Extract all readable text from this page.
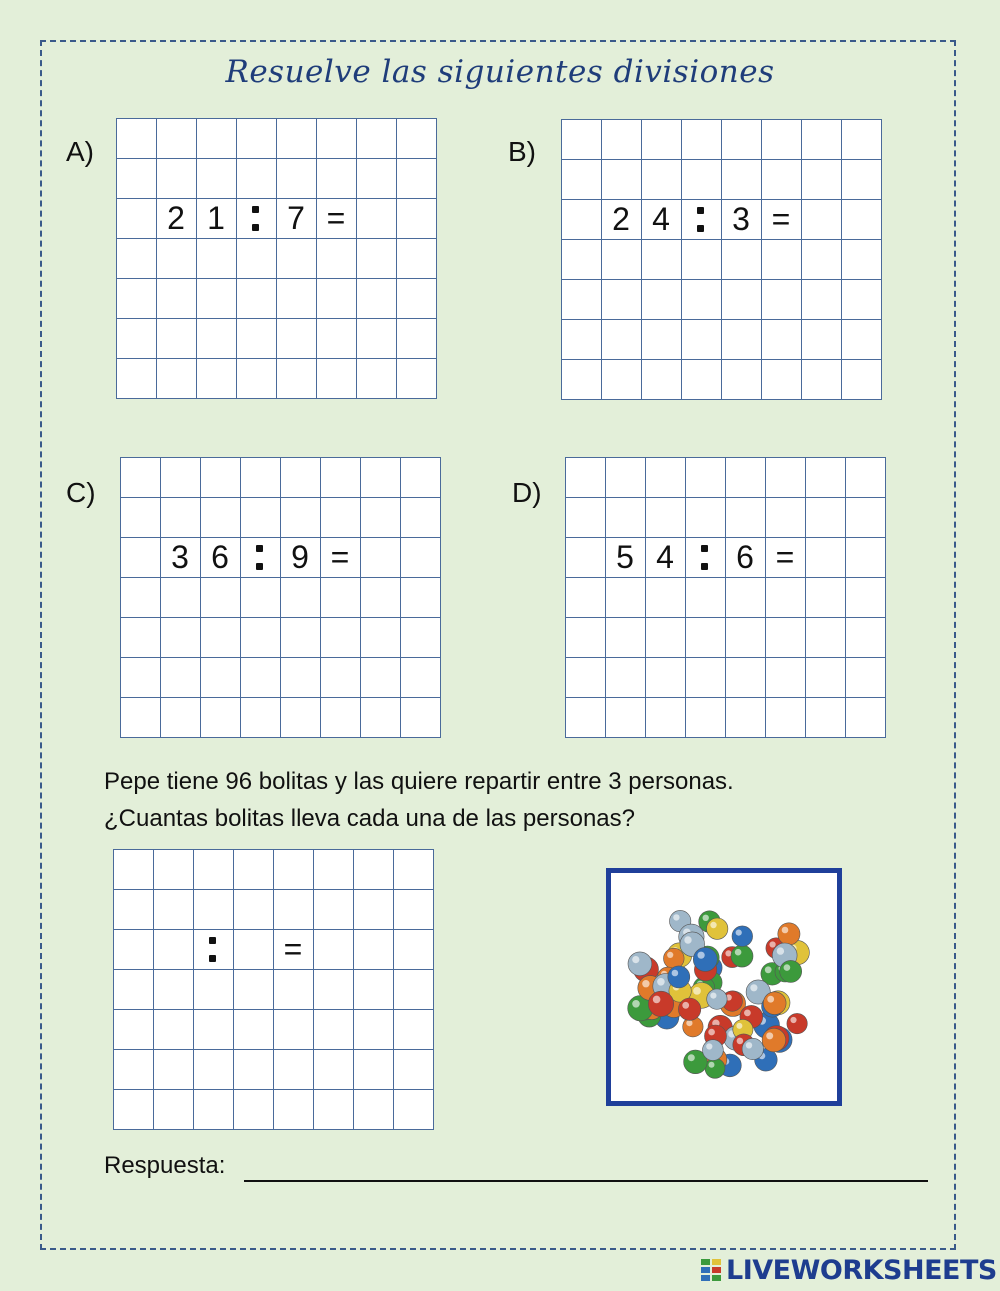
Resuelve las siguientes divisiones
A)
2 1	7 =
B)
2 4	3 =
C)
3 6	9 =
D)
5 4	6 =
Pepe tiene 96 bolitas y las quiere repartir entre 3 personas.
¿Cuantas bolitas lleva cada una de las personas?
=
Respuesta:
LIVEWORKSHEETS
